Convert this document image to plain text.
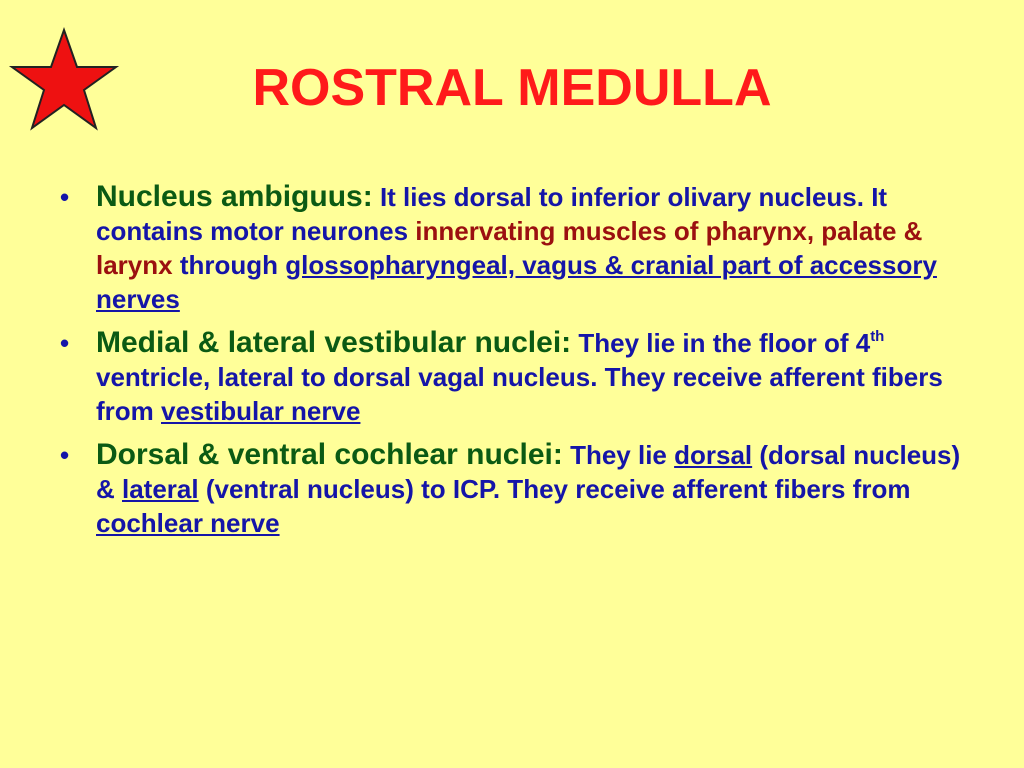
ROSTRAL MEDULLA
• Nucleus ambiguus: It lies dorsal to inferior olivary nucleus. It contains motor neurones innervating muscles of pharynx, palate & larynx through glossopharyngeal, vagus & cranial part of accessory nerves
• Medial & lateral vestibular nuclei: They lie in the floor of 4th ventricle, lateral to dorsal vagal nucleus. They receive afferent fibers from vestibular nerve
• Dorsal & ventral cochlear nuclei: They lie dorsal (dorsal nucleus) & lateral (ventral nucleus) to ICP. They receive afferent fibers from cochlear nerve
